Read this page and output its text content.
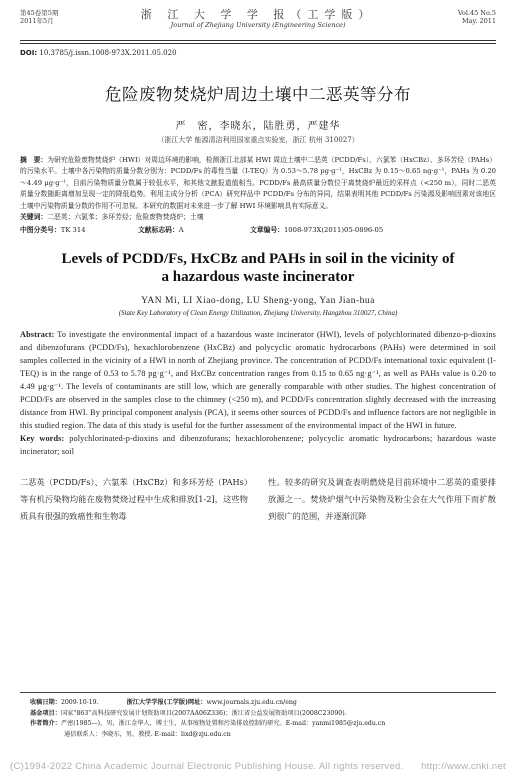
第45卷第5期
2011年5月	浙 江 大 学 学 报（工学版）
Journal of Zhejiang University (Engineering Science)
Vol.45 No.5
May. 2011
DOI: 10.3785/j.issn.1008-973X.2011.05.020
危险废物焚烧炉周边土壤中二恶英等分布
严　密，李晓东，陆胜勇，严建华
（浙江大学 能源清洁利用国家重点实验室，浙江 杭州 310027）
摘　要：为研究危险废物焚烧炉（HWI）对周边环境的影响，检测浙江北部某 HWI 周边土壤中二恶英（PCDD/Fs）、六氯苯（HxCBz）、多环芳烃（PAHs）的污染水平。土壤中各污染物的质量分数分别为：PCDD/Fs 的毒性当量（I-TEQ）为 0.53～5.78 pg·g⁻¹，HxCBz 为 0.15～0.65 ng·g⁻¹，PAHs 为 0.20～4.49 μg·g⁻¹，目前污染物质量分数属于较低水平，和其他文献报道值相当。PCDD/Fs 最高质量分数位于离焚烧炉最近的采样点（<250 m），同时二恶英质量分数随距离增加呈现一定的降低趋势。利用主成分分析（PCA）研究样品中 PCDD/Fs 分布的异同，结果表明其他 PCDD/Fs 污染源及影响因素对该地区土壤中污染物质量分数的作用不可忽视。本研究的数据对未来进一步了解 HWI 环境影响具有实际意义。
关键词：二恶英；六氯苯；多环芳烃；危险废物焚烧炉；土壤
中图分类号：TK 314	文献标志码：A	文章编号：1008-973X(2011)05-0896-05
Levels of PCDD/Fs, HxCBz and PAHs in soil in the vicinity of
a hazardous waste incinerator
YAN Mi, LI Xiao-dong, LU Sheng-yong, Yan Jian-hua
(State Key Laboratory of Clean Energy Utilization, Zhejiang University, Hangzhou 310027, China)
Abstract: To investigate the environmental impact of a hazardous waste incinerator (HWI), levels of polychlorinated dibenzo-p-dioxins and dibenzofurans (PCDD/Fs), hexachlorobenzene (HxCBz) and polycyclic aromatic hydrocarbons (PAHs) were determined in soil samples collected in the vicinity of a HWI in north of Zhejiang province. The concentration of PCDD/Fs international toxic equivalent (I-TEQ) is in the range of 0.53 to 5.78 pg·g⁻¹, and HxCBz concentration ranges from 0.15 to 0.65 ng·g⁻¹, as well as PAHs value is 0.20 to 4.49 μg·g⁻¹. The levels of contaminants are still low, which are generally comparable with other studies. The highest concentration of PCDD/Fs are observed in the samples close to the chimney (<250 m), and PCDD/Fs concentration slightly decreased with the increasing distance from HWI. By principal component analysis (PCA), it seems other sources of PCDD/Fs and influence factors are not negligible in this studied region. The data of this study is useful for the further assessment of the environmental impact of the HWI in future.
Key words: polychlorinated-p-dioxins and dibenzofurans; hexachlorobenzene; polycyclic aromatic hydrocarbons; hazardous waste incinerator; soil
二恶英（PCDD/Fs）、六氯苯（HxCBz）和多环芳烃（PAHs）等有机污染物均能在废物焚烧过程中生成和排放[1-2]，这些物质具有很强的致癌性和生物毒
性。较多的研究及调查表明燃烧是目前环境中二恶英的重要排放源之一。焚烧炉烟气中污染物及粉尘会在大气作用下而扩散到很广的范围，并逐渐沉降
收稿日期： 2009-10-19.	浙江大学学报(工学版)网址： www.journals.zju.edu.cn/eng
基金项目：国家“863”高科技研究发展计划资助项目(2007AA06Z336)；浙江省公益发展资助项目(2008C23090).
作者简介：严密(1985—)，男，浙江金华人，博士生，从事废物处置和污染排放控制的研究。E-mail：yanmi1985@zju.edu.cn
通信联系人：李晓东，男，教授. E-mail：lixd@zju.edu.cn
(C)1994-2022 China Academic Journal Electronic Publishing House. All rights reserved. http://www.cnki.net
